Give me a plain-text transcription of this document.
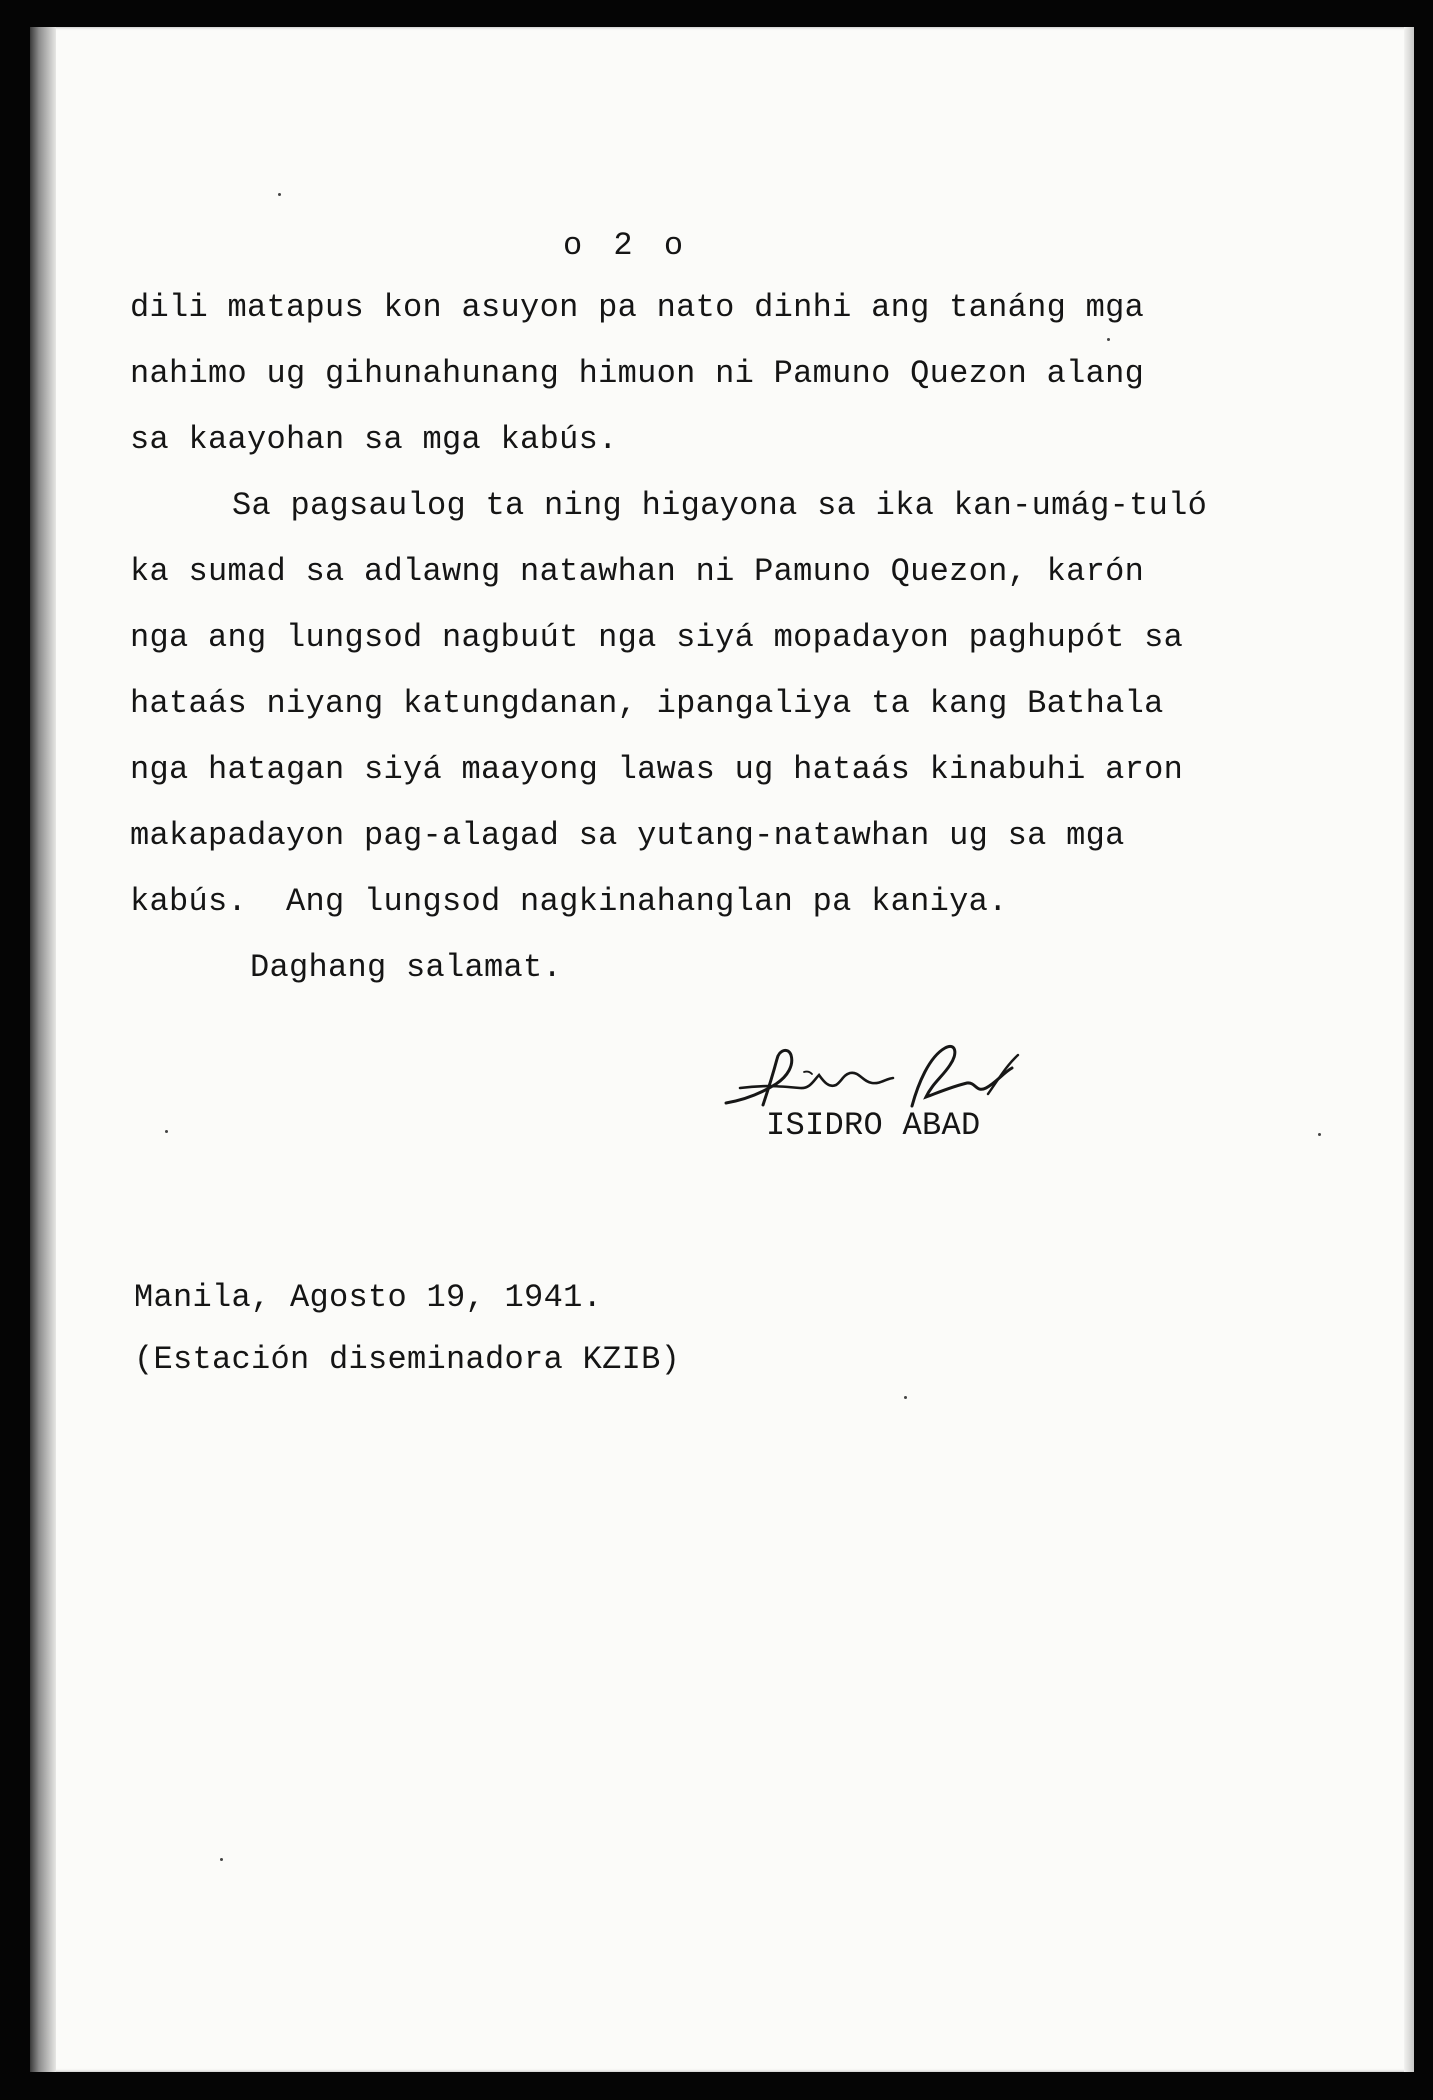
o 2 o
dili matapus kon asuyon pa nato dinhi ang tanáng mga
nahimo ug gihunahunang himuon ni Pamuno Quezon alang
sa kaayohan sa mga kabús.
Sa pagsaulog ta ning higayona sa ika kan-umág-tuló
ka sumad sa adlawng natawhan ni Pamuno Quezon, karón
nga ang lungsod nagbuút nga siyá mopadayon paghupót sa
hataás niyang katungdanan, ipangaliya ta kang Bathala
nga hatagan siyá maayong lawas ug hataás kinabuhi aron
makapadayon pag-alagad sa yutang-natawhan ug sa mga
kabús.  Ang lungsod nagkinahanglan pa kaniya.
Daghang salamat.
ISIDRO ABAD
Manila, Agosto 19, 1941.
(Estación diseminadora KZIB)
